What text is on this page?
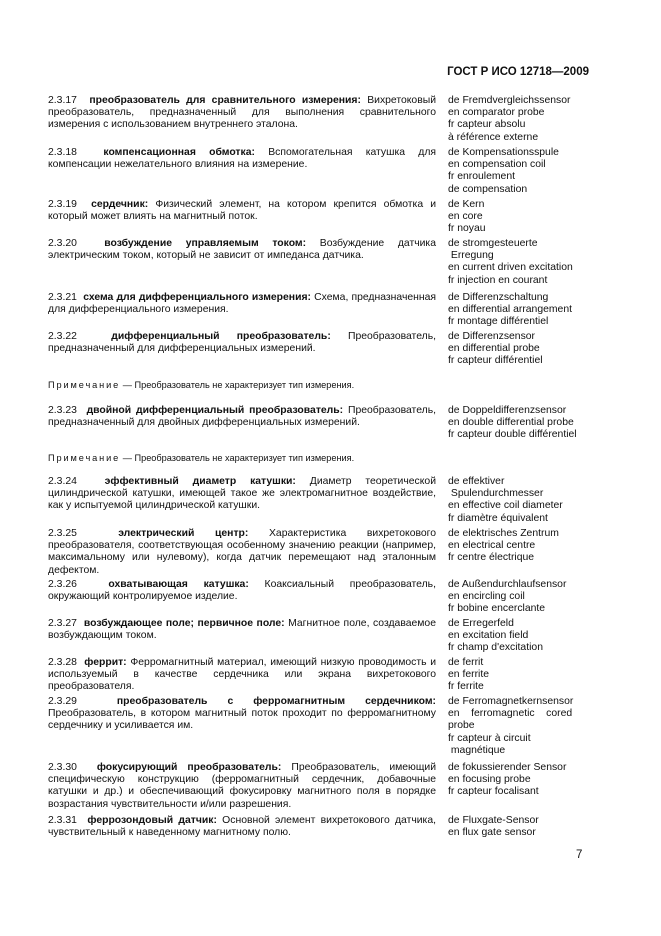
ГОСТ Р ИСО 12718—2009
2.3.17 преобразователь для сравнительного измерения: Вихретоковый преобразователь, предназначенный для выполнения сравнительного измерения с использованием внутреннего эталона.
de Fremdvergleichssensor
en comparator probe
fr capteur absolu
à référence externe
2.3.18	компенсационная обмотка: Вспомогательная катушка для компенсации нежелательного влияния на измерение.
de Kompensationsspule
en compensation coil
fr enroulement
de compensation
2.3.19 сердечник: Физический элемент, на котором крепится обмотка и который может влиять на магнитный поток.
de Kern
en core
fr noyau
2.3.20	возбуждение управляемым током: Возбуждение датчика электрическим током, который не зависит от импеданса датчика.
de stromgesteuerte
Erregung
en current driven excitation
fr injection en courant
2.3.21 схема для дифференциального измерения: Схема, предназначенная для дифференциального измерения.
de Differenzschaltung
en differential arrangement
fr montage différentiel
2.3.22	дифференциальный преобразователь: Преобразователь, предназначенный для дифференциальных измерений.
de Differenzsensor
en differential probe
fr capteur différentiel
Примечание — Преобразователь не характеризует тип измерения.
2.3.23 двойной дифференциальный преобразователь: Преобразователь, предназначенный для двойных дифференциальных измерений.
de Doppeldifferenzsensor
en double differential probe
fr capteur double différentiel
Примечание — Преобразователь не характеризует тип измерения.
2.3.24	эффективный диаметр катушки: Диаметр теоретической цилиндрической катушки, имеющей такое же электромагнитное воздействие, как у испытуемой цилиндрической катушки.
de effektiver
Spulendurchmesser
en effective coil diameter
fr diamètre équivalent
2.3.25	электрический центр: Характеристика вихретокового преобразователя, соответствующая особенному значению реакции (например, максимальному или нулевому), когда датчик перемещают над эталонным дефектом.
de elektrisches Zentrum
en electrical centre
fr centre électrique
2.3.26	охватывающая катушка: Коаксиальный преобразователь, окружающий контролируемое изделие.
de Außendurchlaufsensor
en encircling coil
fr bobine encerclante
2.3.27 возбуждающее поле; первичное поле: Магнитное поле, создаваемое возбуждающим током.
de Erregerfeld
en excitation field
fr champ d'excitation
2.3.28 феррит: Ферромагнитный материал, имеющий низкую проводимость и используемый в качестве сердечника или экрана вихретокового преобразователя.
de ferrit
en ferrite
fr ferrite
2.3.29	преобразователь с ферромагнитным сердечником: Преобразователь, в котором магнитный поток проходит по ферромагнитному сердечнику и усиливается им.
de Ferromagnetkernsensor
en    ferromagnetic    cored
probe
fr capteur à circuit
magnétique
2.3.30 фокусирующий преобразователь: Преобразователь, имеющий специфическую конструкцию (ферромагнитный сердечник, добавочные катушки и др.) и обеспечивающий фокусировку магнитного поля в порядке возрастания чувствительности и/или разрешения.
de fokussierender Sensor
en focusing probe
fr capteur focalisant
2.3.31 феррозондовый датчик: Основной элемент вихретокового датчика, чувствительный к наведенному магнитному полю.
de Fluxgate-Sensor
en flux gate sensor
7
